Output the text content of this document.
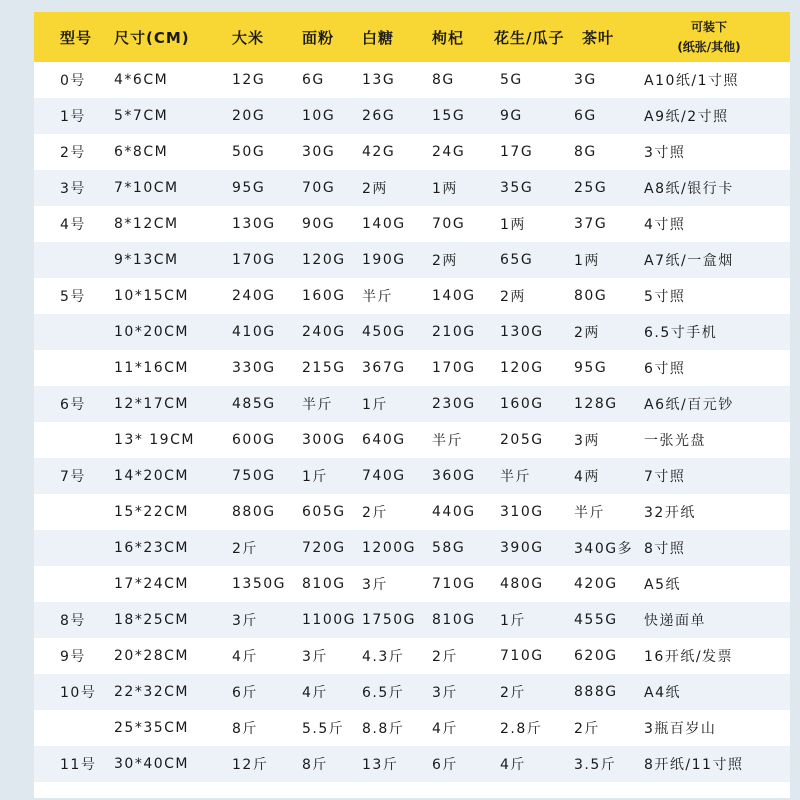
型号 尺寸(CM)	大米	面粉 白糖	枸杞 花生/瓜子 茶叶
可装下
(纸张/其他)
0号 4*6CM	12G	6G	13G	8G	5G	3G	A10纸/1寸照
1号 5*7CM	20G	10G 26G	15G 9G	6G	A9纸/2寸照
2号 6*8CM	50G	30G 42G	24G 17G	8G	3寸照
3号 7*10CM	95G	70G 2两	1两	35G	25G	A8纸/银行卡
4号 8*12CM	130G 90G 140G 70G 1两	37G	4寸照
9*13CM	170G 120G 190G 2两	65G	1两	A7纸/一盒烟
5号 10*15CM	240G 160G 半斤	140G 2两	80G	5寸照
10*20CM	410G 240G 450G 210G 130G 2两	6.5寸手机
11*16CM	330G 215G 367G 170G 120G 95G	6寸照
6号 12*17CM	485G 半斤 1斤	230G 160G 128G A6纸/百元钞
13* 19CM	600G 300G 640G 半斤	205G 3两	一张光盘
7号 14*20CM	750G 1斤 740G 360G 半斤	4两	7寸照
15*22CM	880G 605G 2斤	440G 310G 半斤	32开纸
16*23CM	2斤	720G 1200G 58G 390G 340G多 8寸照
17*24CM	1350G 810G 3斤	710G 480G 420G A5纸
8号 18*25CM	3斤	1100G 1750G 810G 1斤	455G 快递面单
9号 20*28CM	4斤	3斤 4.3斤 2斤	710G 620G 16开纸/发票
10号 22*32CM	6斤	4斤 6.5斤 3斤	2斤	888G A4纸
25*35CM	8斤	5.5斤 8.8斤 4斤	2.8斤 2斤	3瓶百岁山
11号 30*40CM	12斤 8斤 13斤 6斤	4斤	3.5斤 8开纸/11寸照
